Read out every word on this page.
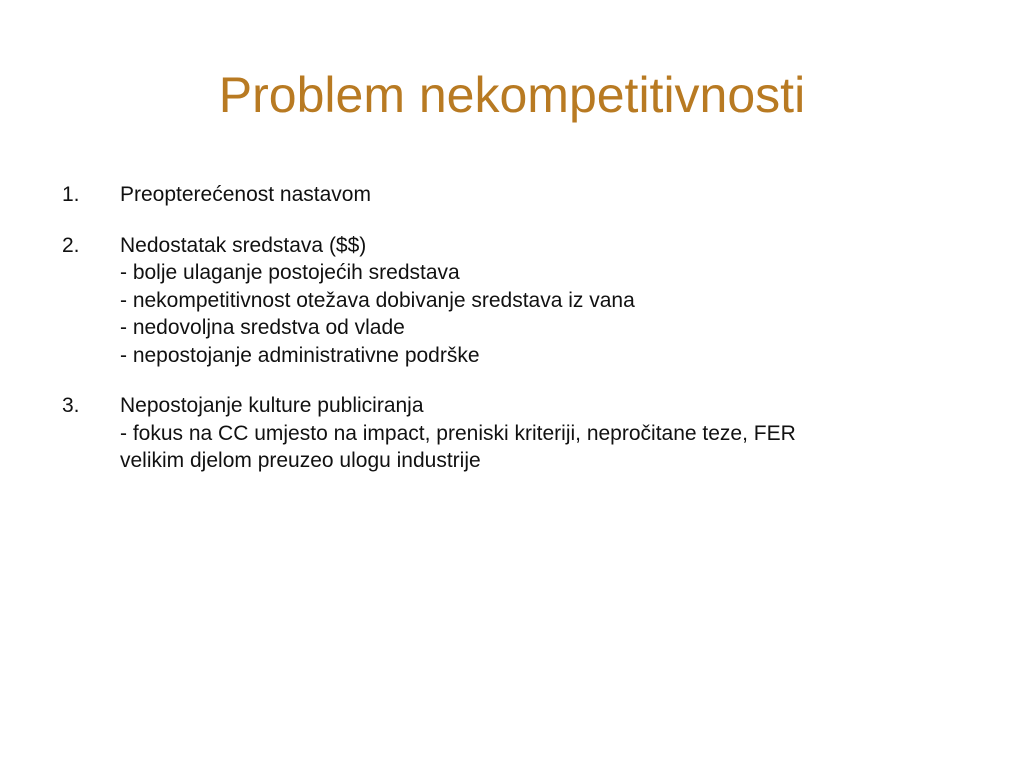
Problem nekompetitivnosti
1. Preopterećenost nastavom
2. Nedostatak sredstava ($$)
- bolje ulaganje postojećih sredstava
- nekompetitivnost otežava dobivanje sredstava iz vana
- nedovoljna sredstva od vlade
- nepostojanje administrativne podrške
3. Nepostojanje kulture publiciranja
- fokus na CC umjesto na impact, preniski kriteriji, nepročitane teze, FER
velikim djelom preuzeo ulogu industrije
